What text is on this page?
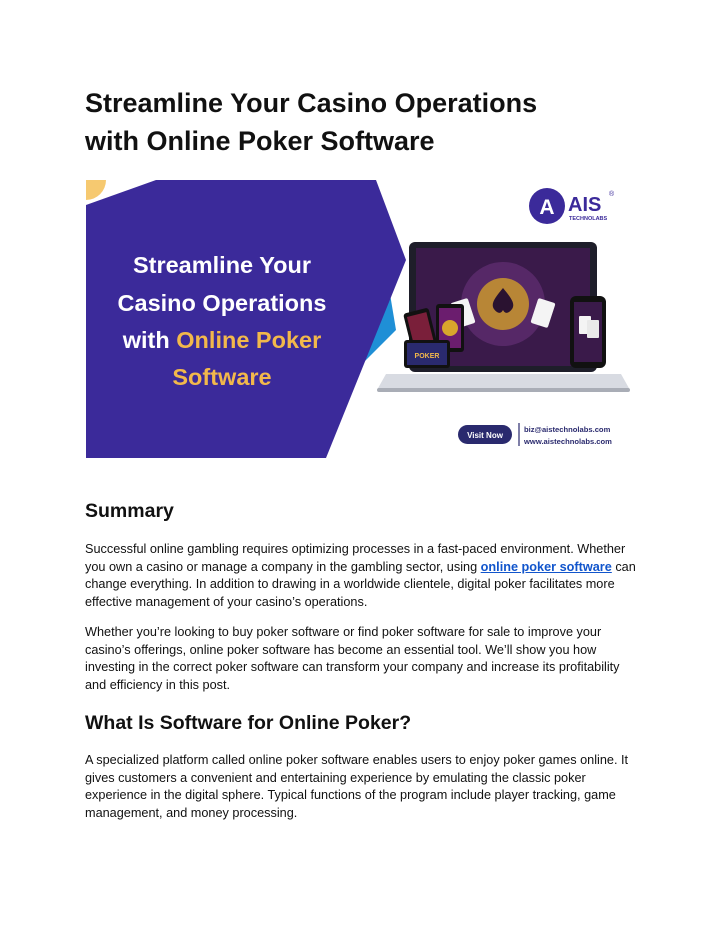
Streamline Your Casino Operations
with Online Poker Software
Streamline Your
Casino Operations
with Online Poker
Software
A AIS ®
TECHNOLABS
POKER
Visit Now
biz@aistechnolabs.com
www.aistechnolabs.com
Summary

Successful online gambling requires optimizing processes in a fast-paced environment. Whether you own a casino or manage a company in the gambling sector, using online poker software can change everything. In addition to drawing in a worldwide clientele, digital poker facilitates more effective management of your casino’s operations.

Whether you’re looking to buy poker software or find poker software for sale to improve your casino’s offerings, online poker software has become an essential tool. We’ll show you how investing in the correct poker software can transform your company and increase its profitability and efficiency in this post.

What Is Software for Online Poker?

A specialized platform called online poker software enables users to enjoy poker games online. It gives customers a convenient and entertaining experience by emulating the classic poker experience in the digital sphere. Typical functions of the program include player tracking, game management, and money processing.
